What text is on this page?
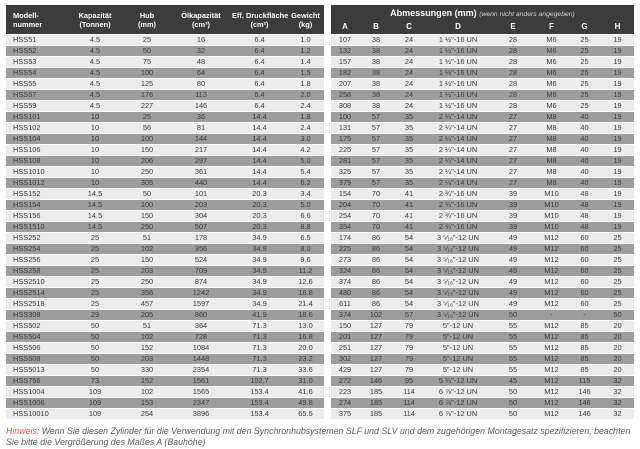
Modell-
nummer
Kapazität
(Tonnen)
Hub
(mm)
Ölkapazität
(cm³)
Eff. Druckfläche
(cm²)
Gewicht
(kg)
Abmessungen (mm) (wenn nicht anders angegeben)
A	B	C	D	E	F	G	H
HSS51	4.5	25	16	6.4	1.0	107	38	24	1 ½"-16 UN	28	M6	25	19
HSS52	4.5	50	32	6.4	1.2	132	38	24	1 ½"-16 UN	28	M6	25	19
HSS53	4.5	75	48	6.4	1.4	157	38	24	1 ½"-16 UN	28	M6	25	19
HSS54	4.5	100	64	6.4	1.5	182	38	24	1 ½"-16 UN	28	M6	25	19
HSS55	4.5	125	80	6.4	1.8	207	38	24	1 ½"-16 UN	28	M6	25	19
HSS57	4.5	176	113	6.4	2.0	258	38	24	1 ½"-16 UN	28	M6	25	19
HSS59	4.5	227	146	6.4	2.4	308	38	24	1 ½"-16 UN	28	M6	25	19
HSS101	10	25	36	14.4	1.8	100	57	35	2 ¼"-14 UN	27	M8	40	19
HSS102	10	56	81	14.4	2.4	131	57	35	2 ¼"-14 UN	27	M8	40	19
HSS104	10	100	144	14.4	3.0	175	57	35	2 ¼"-14 UN	27	M8	40	19
HSS106	10	150	217	14.4	4.2	225	57	35	2 ¼"-14 UN	27	M8	40	19
HSS108	10	206	297	14.4	5.0	281	57	35	2 ¼"-14 UN	27	M8	40	19
HSS1010	10	250	361	14.4	5.4	325	57	35	2 ¼"-14 UN	27	M8	40	19
HSS1012	10	305	440	14.4	6.2	379	57	35	2 ¼"-14 UN	27	M8	40	19
HSS152	14.5	50	101	20.3	3.4	154	70	41	2 ¾"-16 UN	39	M10	48	19
HSS154	14.5	100	203	20.3	5.0	204	70	41	2 ¾"-16 UN	39	M10	48	19
HSS156	14.5	150	304	20.3	6.6	254	70	41	2 ¾"-16 UN	39	M10	48	19
HSS1510	14.5	250	507	20.3	8.8	354	70	41	2 ¾"-16 UN	39	M10	48	19
HSS252	25	51	178	34.9	6.5	174	86	54	3 ⁵⁄₁₆"-12 UN	49	M12	60	25
HSS254	25	102	356	34.9	8.0	225	86	54	3 ⁵⁄₁₆"-12 UN	49	M12	60	25
HSS256	25	150	524	34.9	9.6	273	86	54	3 ⁵⁄₁₆"-12 UN	49	M12	60	25
HSS258	25	203	709	34.9	11.2	324	86	54	3 ⁵⁄₁₆"-12 UN	49	M12	60	25
HSS2510	25	250	874	34.9	12.6	374	86	54	3 ⁵⁄₁₆"-12 UN	49	M12	60	25
HSS2514	25	356	1242	34.9	16.8	480	86	54	3 ⁵⁄₁₆"-12 UN	49	M12	60	25
HSS2518	25	457	1597	34.9	21.4	611	86	54	3 ⁵⁄₁₆"-12 UN	49	M12	60	25
HSS308	29	205	860	41.9	18.6	374	102	57	3 ⁵⁄₁₆"-12 UN	50	-	-	50
HSS502	50	51	364	71.3	13.0	150	127	79	5"-12 UN	55	M12	85	20
HSS504	50	102	728	71.3	16.8	201	127	79	5"-12 UN	55	M12	85	20
HSS506	50	152	1084	71.3	20.0	251	127	79	5"-12 UN	55	M12	85	20
HSS508	50	203	1448	71.3	23.2	302	127	79	5"-12 UN	55	M12	85	20
HSS5013	50	330	2354	71.3	33.6	429	127	79	5"-12 UN	55	M12	85	20
HSS756	73	152	1561	102.7	31.0	272	146	95	5 ¾"-12 UN	45	M12	115	32
HSS1004	109	102	1565	153.4	41.6	223	185	114	6 ⅞"-12 UN	50	M12	146	32
HSS1006	109	153	2347	153.4	49.8	274	185	114	6 ⅞"-12 UN	50	M12	146	32
HSS10010	109	254	3896	153.4	65.5	375	185	114	6 ⅞"-12 UN	50	M12	146	32
Hinweis: Wenn Sie diesen Zylinder für die Verwendung mit den Synchronhubsystemen SLF und SLV und dem zugehörigen Montagesatz spezifizieren, beachten Sie bitte die Vergrößerung des Maßes A (Bauhöhe)
